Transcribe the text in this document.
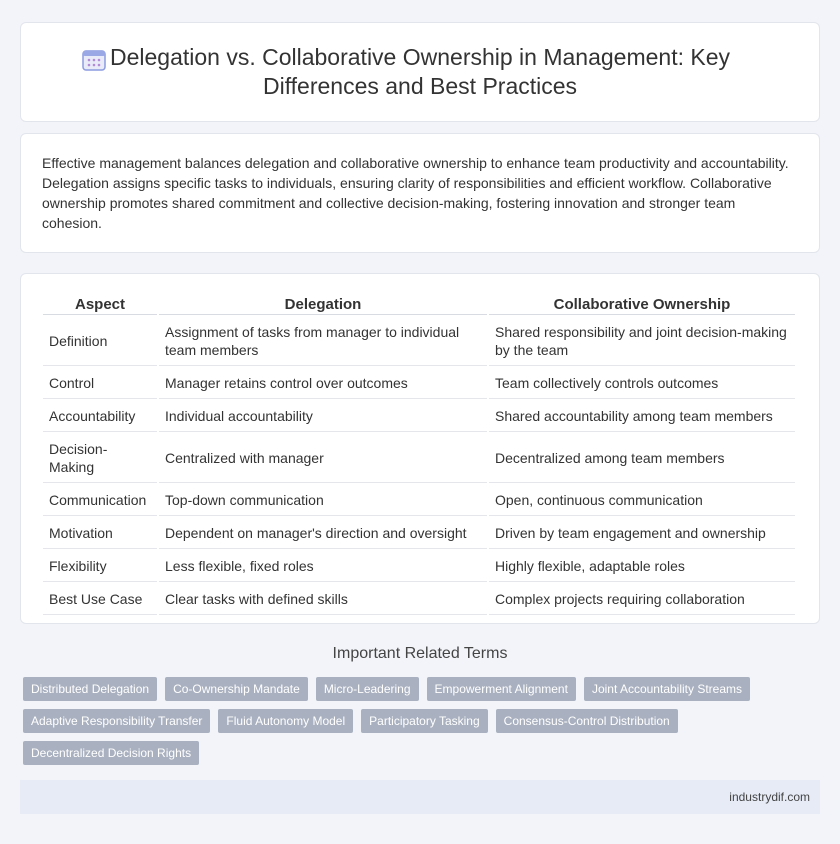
Delegation vs. Collaborative Ownership in Management: Key Differences and Best Practices

Effective management balances delegation and collaborative ownership to enhance team productivity and accountability. Delegation assigns specific tasks to individuals, ensuring clarity of responsibilities and efficient workflow. Collaborative ownership promotes shared commitment and collective decision-making, fostering innovation and stronger team cohesion.

Aspect	Delegation	Collaborative Ownership
Definition	Assignment of tasks from manager to individual team members	Shared responsibility and joint decision-making by the team
Control	Manager retains control over outcomes	Team collectively controls outcomes
Accountability	Individual accountability	Shared accountability among team members
Decision-Making	Centralized with manager	Decentralized among team members
Communication	Top-down communication	Open, continuous communication
Motivation	Dependent on manager's direction and oversight	Driven by team engagement and ownership
Flexibility	Less flexible, fixed roles	Highly flexible, adaptable roles
Best Use Case	Clear tasks with defined skills	Complex projects requiring collaboration
Important Related Terms
Distributed Delegation	Co-Ownership Mandate	Micro-Leadering	Empowerment Alignment	Joint Accountability Streams
Adaptive Responsibility Transfer	Fluid Autonomy Model	Participatory Tasking	Consensus-Control Distribution
Decentralized Decision Rights
industrydif.com
